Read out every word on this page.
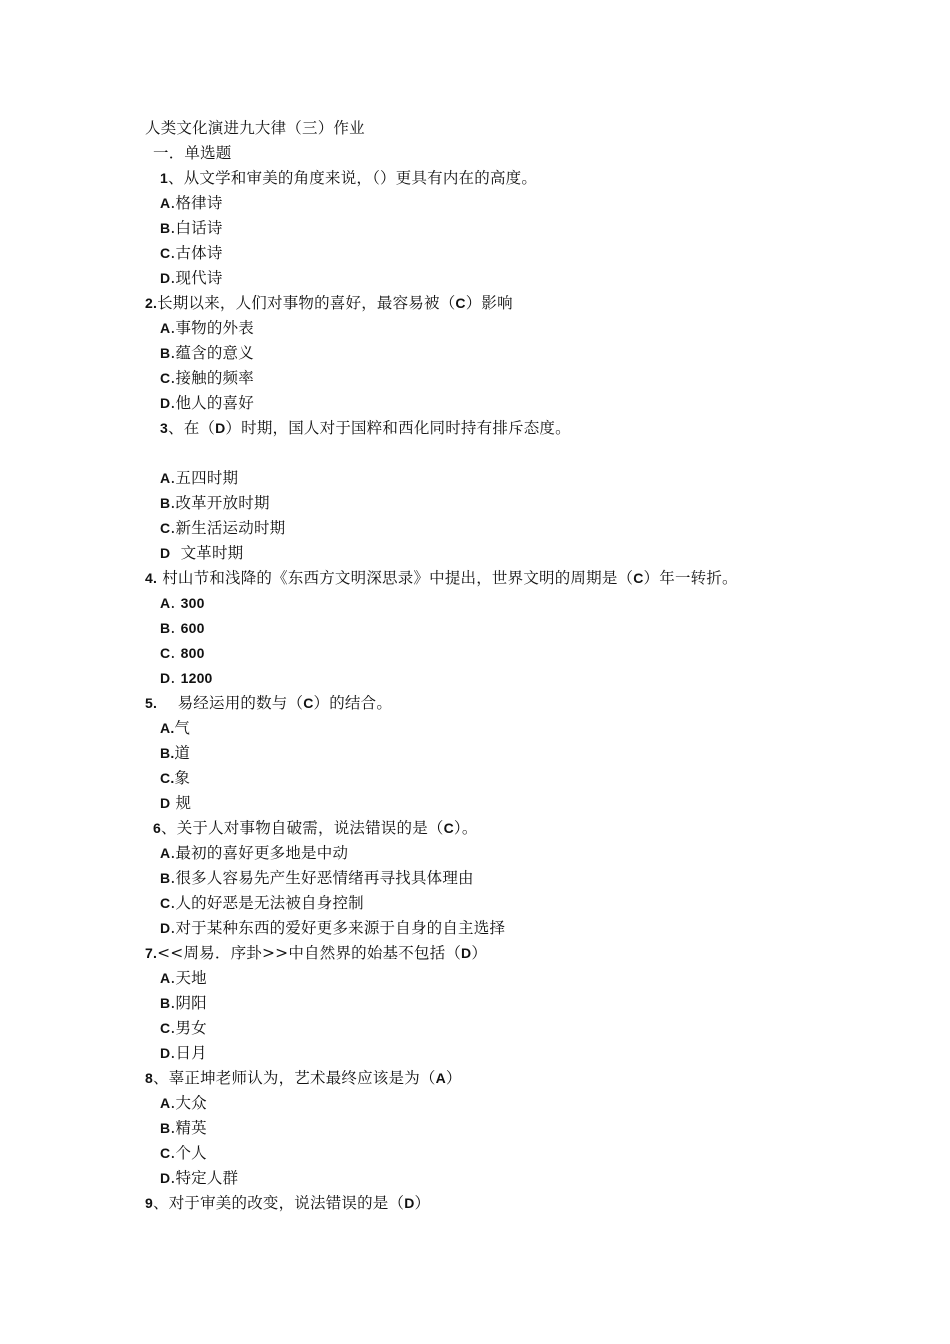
人类文化演进九大律（三）作业
一．单选题
1、从文学和审美的角度来说，（）更具有内在的高度。
A.格律诗
B.白话诗
C.古体诗
D.现代诗
2.长期以来，人们对事物的喜好，最容易被（C）影响
A.事物的外表
B.蕴含的意义
C.接触的频率
D.他人的喜好
3、在（D）时期，国人对于国粹和西化同时持有排斥态度。
A.五四时期
B.改革开放时期
C.新生活运动时期
D 文革时期
4. 村山节和浅降的《东西方文明深思录》中提出，世界文明的周期是（C）年一转折。
A. 300
B. 600
C. 800
D. 1200
5.    易经运用的数与（C）的结合。
A.气
B.道
C.象
D 规
6、关于人对事物自破需，说法错误的是（C）。
A.最初的喜好更多地是中动
B.很多人容易先产生好恶情绪再寻找具体理由
C.人的好恶是无法被自身控制
D.对于某种东西的爱好更多来源于自身的自主选择
7.<<周易．序卦>>中自然界的始基不包括（D）
A.天地
B.阴阳
C.男女
D.日月
8、辜正坤老师认为，艺术最终应该是为（A）
A.大众
B.精英
C.个人
D.特定人群
9、对于审美的改变，说法错误的是（D）
